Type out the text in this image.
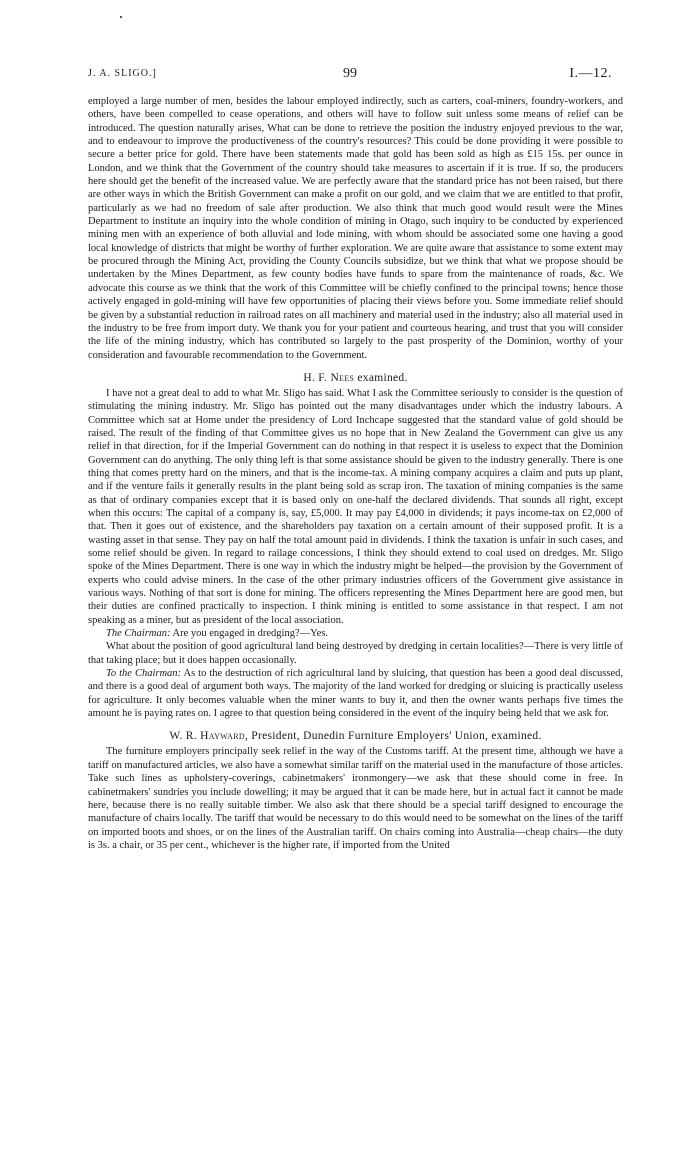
J. A. SLIGO.]	99	I.—12.

employed a large number of men, besides the labour employed indirectly, such as carters, coal-miners, foundry-workers, and others, have been compelled to cease operations, and others will have to follow suit unless some means of relief can be introduced. The question naturally arises, What can be done to retrieve the position the industry enjoyed previous to the war, and to endeavour to improve the productiveness of the country's resources? This could be done providing it were possible to secure a better price for gold. There have been statements made that gold has been sold as high as £15 15s. per ounce in London, and we think that the Government of the country should take measures to ascertain if it is true. If so, the producers here should get the benefit of the increased value. We are perfectly aware that the standard price has not been raised, but there are other ways in which the British Government can make a profit on our gold, and we claim that we are entitled to that profit, particularly as we had no freedom of sale after production. We also think that much good would result were the Mines Department to institute an inquiry into the whole condition of mining in Otago, such inquiry to be conducted by experienced mining men with an experience of both alluvial and lode mining, with whom should be associated some one having a good local knowledge of districts that might be worthy of further exploration. We are quite aware that assistance to some extent may be procured through the Mining Act, providing the County Councils subsidize, but we think that what we propose should be undertaken by the Mines Department, as few county bodies have funds to spare from the maintenance of roads, &c. We advocate this course as we think that the work of this Committee will be chiefly confined to the principal towns; hence those actively engaged in gold-mining will have few opportunities of placing their views before you. Some immediate relief should be given by a substantial reduction in railroad rates on all machinery and material used in the industry; also all material used in the industry to be free from import duty. We thank you for your patient and courteous hearing, and trust that you will consider the life of the mining industry, which has contributed so largely to the past prosperity of the Dominion, worthy of your consideration and favourable recommendation to the Government.

H. F. Nees examined.

I have not a great deal to add to what Mr. Sligo has said. What I ask the Committee seriously to consider is the question of stimulating the mining industry. Mr. Sligo has pointed out the many disadvantages under which the industry labours. A Committee which sat at Home under the presidency of Lord Inchcape suggested that the standard value of gold should be raised. The result of the finding of that Committee gives us no hope that in New Zealand the Government can give us any relief in that direction, for if the Imperial Government can do nothing in that respect it is useless to expect that the Dominion Government can do anything. The only thing left is that some assistance should be given to the industry generally. There is one thing that comes pretty hard on the miners, and that is the income-tax. A mining company acquires a claim and puts up plant, and if the venture fails it generally results in the plant being sold as scrap iron. The taxation of mining companies is the same as that of ordinary companies except that it is based only on one-half the declared dividends. That sounds all right, except when this occurs: The capital of a company is, say, £5,000. It may pay £4,000 in dividends; it pays income-tax on £2,000 of that. Then it goes out of existence, and the shareholders pay taxation on a certain amount of their supposed profit. It is a wasting asset in that sense. They pay on half the total amount paid in dividends. I think the taxation is unfair in such cases, and some relief should be given. In regard to railage concessions, I think they should extend to coal used on dredges. Mr. Sligo spoke of the Mines Department. There is one way in which the industry might be helped—the provision by the Government of experts who could advise miners. In the case of the other primary industries officers of the Government give assistance in various ways. Nothing of that sort is done for mining. The officers representing the Mines Department here are good men, but their duties are confined practically to inspection. I think mining is entitled to some assistance in that respect. I am not speaking as a miner, but as president of the local association.

The Chairman: Are you engaged in dredging?—Yes.

What about the position of good agricultural land being destroyed by dredging in certain localities?—There is very little of that taking place; but it does happen occasionally.

To the Chairman: As to the destruction of rich agricultural land by sluicing, that question has been a good deal discussed, and there is a good deal of argument both ways. The majority of the land worked for dredging or sluicing is practically useless for agriculture. It only becomes valuable when the miner wants to buy it, and then the owner wants perhaps five times the amount he is paying rates on. I agree to that question being considered in the event of the inquiry being held that we ask for.

W. R. Hayward, President, Dunedin Furniture Employers' Union, examined.

The furniture employers principally seek relief in the way of the Customs tariff. At the present time, although we have a tariff on manufactured articles, we also have a somewhat similar tariff on the material used in the manufacture of those articles. Take such lines as upholstery-coverings, cabinetmakers' ironmongery—we ask that these should come in free. In cabinetmakers' sundries you include dowelling; it may be argued that it can be made here, but in actual fact it cannot be made here, because there is no really suitable timber. We also ask that there should be a special tariff designed to encourage the manufacture of chairs locally. The tariff that would be necessary to do this would need to be somewhat on the lines of the tariff on imported boots and shoes, or on the lines of the Australian tariff. On chairs coming into Australia—cheap chairs—the duty is 3s. a chair, or 35 per cent., whichever is the higher rate, if imported from the United
